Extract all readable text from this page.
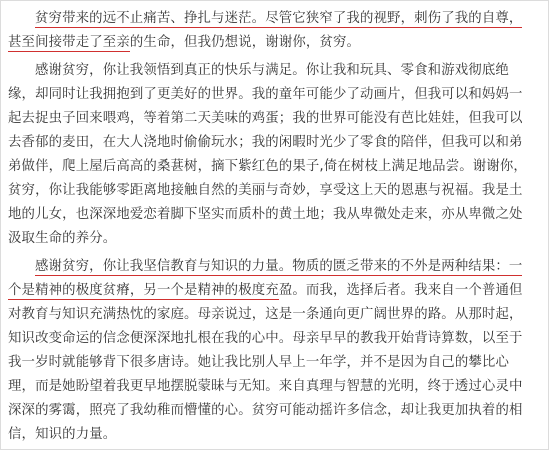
贫穷带来的远不止痛苦、挣扎与迷茫。尽管它狭窄了我的视野，刺伤了我的自尊，
甚至间接带走了至亲的生命，但我仍想说，谢谢你，贫穷。
感谢贫穷，你让我领悟到真正的快乐与满足。你让我和玩具、零食和游戏彻底绝
缘，却同时让我拥抱到了更美好的世界。我的童年可能少了动画片，但我可以和妈妈一
起去捉虫子回来喂鸡，等着第二天美味的鸡蛋；我的世界可能没有芭比娃娃，但我可以
去香郁的麦田，在大人浇地时偷偷玩水；我的闲暇时光少了零食的陪伴，但我可以和弟
弟做伴，爬上屋后高高的桑葚树，摘下紫红色的果子,倚在树枝上满足地品尝。谢谢你，
贫穷，你让我能够零距离地接触自然的美丽与奇妙，享受这上天的恩惠与祝福。我是土
地的儿女，也深深地爱恋着脚下坚实而质朴的黄土地；我从卑微处走来，亦从卑微之处
汲取生命的养分。
感谢贫穷，你让我坚信教育与知识的力量。物质的匮乏带来的不外是两种结果：一
个是精神的极度贫瘠，另一个是精神的极度充盈。而我，选择后者。我来自一个普通但
对教育与知识充满热忱的家庭。母亲说过，这是一条通向更广阔世界的路。从那时起，
知识改变命运的信念便深深地扎根在我的心中。母亲早早的教我开始背诗算数，以至于
我一岁时就能够背下很多唐诗。她让我比别人早上一年学，并不是因为自己的攀比心
理，而是她盼望着我更早地摆脱蒙昧与无知。来自真理与智慧的光明，终于透过心灵中
深深的雾霭，照亮了我幼稚而懵懂的心。贫穷可能动摇许多信念，却让我更加执着的相
信，知识的力量。
